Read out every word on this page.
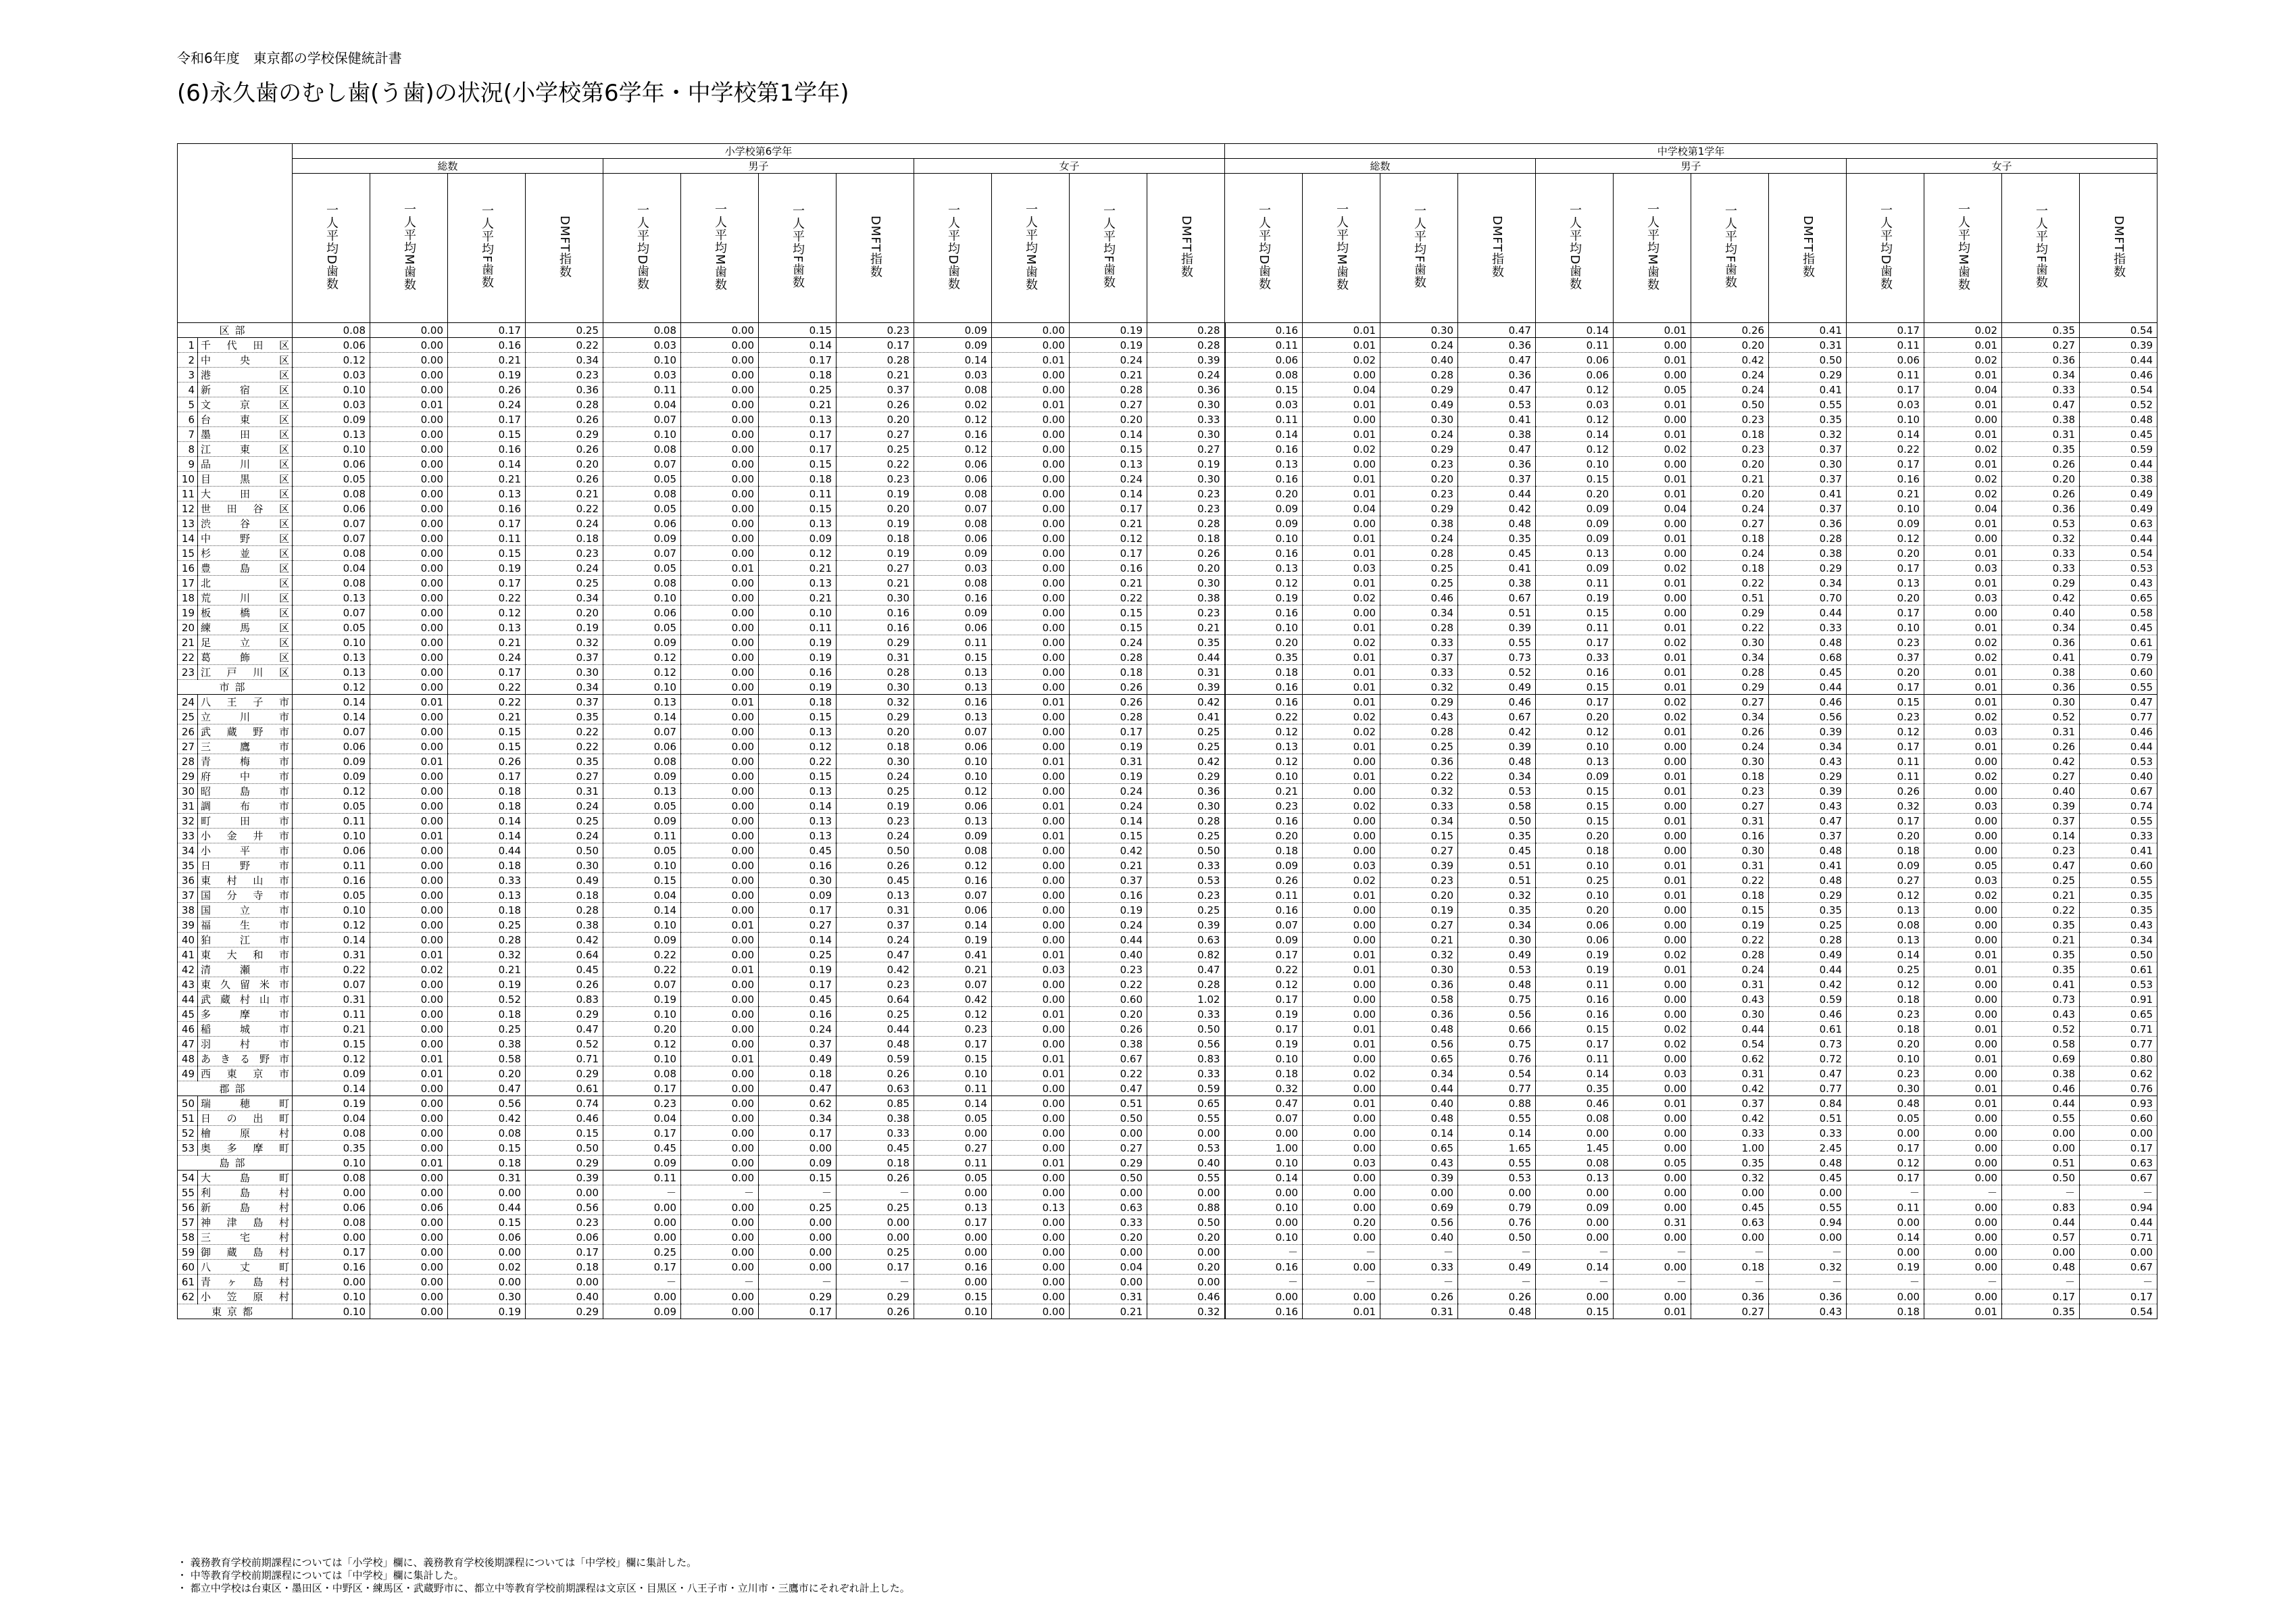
令和6年度　東京都の学校保健統計書
(6)永久歯のむし歯(う歯)の状況(小学校第6学年・中学校第1学年)
		小学校第6学年												中学校第1学年											
		総数				男子				女子				総数				男子				女子			
		一人平均D歯数	一人平均M歯数	一人平均F歯数	DMFT指数	一人平均D歯数	一人平均M歯数	一人平均F歯数	DMFT指数	一人平均D歯数	一人平均M歯数	一人平均F歯数	DMFT指数	一人平均D歯数	一人平均M歯数	一人平均F歯数	DMFT指数	一人平均D歯数	一人平均M歯数	一人平均F歯数	DMFT指数	一人平均D歯数	一人平均M歯数	一人平均F歯数	DMFT指数
区部		0.08	0.00	0.17	0.25	0.08	0.00	0.15	0.23	0.09	0.00	0.19	0.28	0.16	0.01	0.30	0.47	0.14	0.01	0.26	0.41	0.17	0.02	0.35	0.54
1	千代田区	0.06	0.00	0.16	0.22	0.03	0.00	0.14	0.17	0.09	0.00	0.19	0.28	0.11	0.01	0.24	0.36	0.11	0.00	0.20	0.31	0.11	0.01	0.27	0.39
2	中央区	0.12	0.00	0.21	0.34	0.10	0.00	0.17	0.28	0.14	0.01	0.24	0.39	0.06	0.02	0.40	0.47	0.06	0.01	0.42	0.50	0.06	0.02	0.36	0.44
3	港区	0.03	0.00	0.19	0.23	0.03	0.00	0.18	0.21	0.03	0.00	0.21	0.24	0.08	0.00	0.28	0.36	0.06	0.00	0.24	0.29	0.11	0.01	0.34	0.46
4	新宿区	0.10	0.00	0.26	0.36	0.11	0.00	0.25	0.37	0.08	0.00	0.28	0.36	0.15	0.04	0.29	0.47	0.12	0.05	0.24	0.41	0.17	0.04	0.33	0.54
5	文京区	0.03	0.01	0.24	0.28	0.04	0.00	0.21	0.26	0.02	0.01	0.27	0.30	0.03	0.01	0.49	0.53	0.03	0.01	0.50	0.55	0.03	0.01	0.47	0.52
6	台東区	0.09	0.00	0.17	0.26	0.07	0.00	0.13	0.20	0.12	0.00	0.20	0.33	0.11	0.00	0.30	0.41	0.12	0.00	0.23	0.35	0.10	0.00	0.38	0.48
7	墨田区	0.13	0.00	0.15	0.29	0.10	0.00	0.17	0.27	0.16	0.00	0.14	0.30	0.14	0.01	0.24	0.38	0.14	0.01	0.18	0.32	0.14	0.01	0.31	0.45
8	江東区	0.10	0.00	0.16	0.26	0.08	0.00	0.17	0.25	0.12	0.00	0.15	0.27	0.16	0.02	0.29	0.47	0.12	0.02	0.23	0.37	0.22	0.02	0.35	0.59
9	品川区	0.06	0.00	0.14	0.20	0.07	0.00	0.15	0.22	0.06	0.00	0.13	0.19	0.13	0.00	0.23	0.36	0.10	0.00	0.20	0.30	0.17	0.01	0.26	0.44
10	目黒区	0.05	0.00	0.21	0.26	0.05	0.00	0.18	0.23	0.06	0.00	0.24	0.30	0.16	0.01	0.20	0.37	0.15	0.01	0.21	0.37	0.16	0.02	0.20	0.38
11	大田区	0.08	0.00	0.13	0.21	0.08	0.00	0.11	0.19	0.08	0.00	0.14	0.23	0.20	0.01	0.23	0.44	0.20	0.01	0.20	0.41	0.21	0.02	0.26	0.49
12	世田谷区	0.06	0.00	0.16	0.22	0.05	0.00	0.15	0.20	0.07	0.00	0.17	0.23	0.09	0.04	0.29	0.42	0.09	0.04	0.24	0.37	0.10	0.04	0.36	0.49
13	渋谷区	0.07	0.00	0.17	0.24	0.06	0.00	0.13	0.19	0.08	0.00	0.21	0.28	0.09	0.00	0.38	0.48	0.09	0.00	0.27	0.36	0.09	0.01	0.53	0.63
14	中野区	0.07	0.00	0.11	0.18	0.09	0.00	0.09	0.18	0.06	0.00	0.12	0.18	0.10	0.01	0.24	0.35	0.09	0.01	0.18	0.28	0.12	0.00	0.32	0.44
15	杉並区	0.08	0.00	0.15	0.23	0.07	0.00	0.12	0.19	0.09	0.00	0.17	0.26	0.16	0.01	0.28	0.45	0.13	0.00	0.24	0.38	0.20	0.01	0.33	0.54
16	豊島区	0.04	0.00	0.19	0.24	0.05	0.01	0.21	0.27	0.03	0.00	0.16	0.20	0.13	0.03	0.25	0.41	0.09	0.02	0.18	0.29	0.17	0.03	0.33	0.53
17	北区	0.08	0.00	0.17	0.25	0.08	0.00	0.13	0.21	0.08	0.00	0.21	0.30	0.12	0.01	0.25	0.38	0.11	0.01	0.22	0.34	0.13	0.01	0.29	0.43
18	荒川区	0.13	0.00	0.22	0.34	0.10	0.00	0.21	0.30	0.16	0.00	0.22	0.38	0.19	0.02	0.46	0.67	0.19	0.00	0.51	0.70	0.20	0.03	0.42	0.65
19	板橋区	0.07	0.00	0.12	0.20	0.06	0.00	0.10	0.16	0.09	0.00	0.15	0.23	0.16	0.00	0.34	0.51	0.15	0.00	0.29	0.44	0.17	0.00	0.40	0.58
20	練馬区	0.05	0.00	0.13	0.19	0.05	0.00	0.11	0.16	0.06	0.00	0.15	0.21	0.10	0.01	0.28	0.39	0.11	0.01	0.22	0.33	0.10	0.01	0.34	0.45
21	足立区	0.10	0.00	0.21	0.32	0.09	0.00	0.19	0.29	0.11	0.00	0.24	0.35	0.20	0.02	0.33	0.55	0.17	0.02	0.30	0.48	0.23	0.02	0.36	0.61
22	葛飾区	0.13	0.00	0.24	0.37	0.12	0.00	0.19	0.31	0.15	0.00	0.28	0.44	0.35	0.01	0.37	0.73	0.33	0.01	0.34	0.68	0.37	0.02	0.41	0.79
23	江戸川区	0.13	0.00	0.17	0.30	0.12	0.00	0.16	0.28	0.13	0.00	0.18	0.31	0.18	0.01	0.33	0.52	0.16	0.01	0.28	0.45	0.20	0.01	0.38	0.60
市部		0.12	0.00	0.22	0.34	0.10	0.00	0.19	0.30	0.13	0.00	0.26	0.39	0.16	0.01	0.32	0.49	0.15	0.01	0.29	0.44	0.17	0.01	0.36	0.55
24	八王子市	0.14	0.01	0.22	0.37	0.13	0.01	0.18	0.32	0.16	0.01	0.26	0.42	0.16	0.01	0.29	0.46	0.17	0.02	0.27	0.46	0.15	0.01	0.30	0.47
25	立川市	0.14	0.00	0.21	0.35	0.14	0.00	0.15	0.29	0.13	0.00	0.28	0.41	0.22	0.02	0.43	0.67	0.20	0.02	0.34	0.56	0.23	0.02	0.52	0.77
26	武蔵野市	0.07	0.00	0.15	0.22	0.07	0.00	0.13	0.20	0.07	0.00	0.17	0.25	0.12	0.02	0.28	0.42	0.12	0.01	0.26	0.39	0.12	0.03	0.31	0.46
27	三鷹市	0.06	0.00	0.15	0.22	0.06	0.00	0.12	0.18	0.06	0.00	0.19	0.25	0.13	0.01	0.25	0.39	0.10	0.00	0.24	0.34	0.17	0.01	0.26	0.44
28	青梅市	0.09	0.01	0.26	0.35	0.08	0.00	0.22	0.30	0.10	0.01	0.31	0.42	0.12	0.00	0.36	0.48	0.13	0.00	0.30	0.43	0.11	0.00	0.42	0.53
29	府中市	0.09	0.00	0.17	0.27	0.09	0.00	0.15	0.24	0.10	0.00	0.19	0.29	0.10	0.01	0.22	0.34	0.09	0.01	0.18	0.29	0.11	0.02	0.27	0.40
30	昭島市	0.12	0.00	0.18	0.31	0.13	0.00	0.13	0.25	0.12	0.00	0.24	0.36	0.21	0.00	0.32	0.53	0.15	0.01	0.23	0.39	0.26	0.00	0.40	0.67
31	調布市	0.05	0.00	0.18	0.24	0.05	0.00	0.14	0.19	0.06	0.01	0.24	0.30	0.23	0.02	0.33	0.58	0.15	0.00	0.27	0.43	0.32	0.03	0.39	0.74
32	町田市	0.11	0.00	0.14	0.25	0.09	0.00	0.13	0.23	0.13	0.00	0.14	0.28	0.16	0.00	0.34	0.50	0.15	0.01	0.31	0.47	0.17	0.00	0.37	0.55
33	小金井市	0.10	0.01	0.14	0.24	0.11	0.00	0.13	0.24	0.09	0.01	0.15	0.25	0.20	0.00	0.15	0.35	0.20	0.00	0.16	0.37	0.20	0.00	0.14	0.33
34	小平市	0.06	0.00	0.44	0.50	0.05	0.00	0.45	0.50	0.08	0.00	0.42	0.50	0.18	0.00	0.27	0.45	0.18	0.00	0.30	0.48	0.18	0.00	0.23	0.41
35	日野市	0.11	0.00	0.18	0.30	0.10	0.00	0.16	0.26	0.12	0.00	0.21	0.33	0.09	0.03	0.39	0.51	0.10	0.01	0.31	0.41	0.09	0.05	0.47	0.60
36	東村山市	0.16	0.00	0.33	0.49	0.15	0.00	0.30	0.45	0.16	0.00	0.37	0.53	0.26	0.02	0.23	0.51	0.25	0.01	0.22	0.48	0.27	0.03	0.25	0.55
37	国分寺市	0.05	0.00	0.13	0.18	0.04	0.00	0.09	0.13	0.07	0.00	0.16	0.23	0.11	0.01	0.20	0.32	0.10	0.01	0.18	0.29	0.12	0.02	0.21	0.35
38	国立市	0.10	0.00	0.18	0.28	0.14	0.00	0.17	0.31	0.06	0.00	0.19	0.25	0.16	0.00	0.19	0.35	0.20	0.00	0.15	0.35	0.13	0.00	0.22	0.35
39	福生市	0.12	0.00	0.25	0.38	0.10	0.01	0.27	0.37	0.14	0.00	0.24	0.39	0.07	0.00	0.27	0.34	0.06	0.00	0.19	0.25	0.08	0.00	0.35	0.43
40	狛江市	0.14	0.00	0.28	0.42	0.09	0.00	0.14	0.24	0.19	0.00	0.44	0.63	0.09	0.00	0.21	0.30	0.06	0.00	0.22	0.28	0.13	0.00	0.21	0.34
41	東大和市	0.31	0.01	0.32	0.64	0.22	0.00	0.25	0.47	0.41	0.01	0.40	0.82	0.17	0.01	0.32	0.49	0.19	0.02	0.28	0.49	0.14	0.01	0.35	0.50
42	清瀬市	0.22	0.02	0.21	0.45	0.22	0.01	0.19	0.42	0.21	0.03	0.23	0.47	0.22	0.01	0.30	0.53	0.19	0.01	0.24	0.44	0.25	0.01	0.35	0.61
43	東久留米市	0.07	0.00	0.19	0.26	0.07	0.00	0.17	0.23	0.07	0.00	0.22	0.28	0.12	0.00	0.36	0.48	0.11	0.00	0.31	0.42	0.12	0.00	0.41	0.53
44	武蔵村山市	0.31	0.00	0.52	0.83	0.19	0.00	0.45	0.64	0.42	0.00	0.60	1.02	0.17	0.00	0.58	0.75	0.16	0.00	0.43	0.59	0.18	0.00	0.73	0.91
45	多摩市	0.11	0.00	0.18	0.29	0.10	0.00	0.16	0.25	0.12	0.01	0.20	0.33	0.19	0.00	0.36	0.56	0.16	0.00	0.30	0.46	0.23	0.00	0.43	0.65
46	稲城市	0.21	0.00	0.25	0.47	0.20	0.00	0.24	0.44	0.23	0.00	0.26	0.50	0.17	0.01	0.48	0.66	0.15	0.02	0.44	0.61	0.18	0.01	0.52	0.71
47	羽村市	0.15	0.00	0.38	0.52	0.12	0.00	0.37	0.48	0.17	0.00	0.38	0.56	0.19	0.01	0.56	0.75	0.17	0.02	0.54	0.73	0.20	0.00	0.58	0.77
48	あきる野市	0.12	0.01	0.58	0.71	0.10	0.01	0.49	0.59	0.15	0.01	0.67	0.83	0.10	0.00	0.65	0.76	0.11	0.00	0.62	0.72	0.10	0.01	0.69	0.80
49	西東京市	0.09	0.01	0.20	0.29	0.08	0.00	0.18	0.26	0.10	0.01	0.22	0.33	0.18	0.02	0.34	0.54	0.14	0.03	0.31	0.47	0.23	0.00	0.38	0.62
郡部		0.14	0.00	0.47	0.61	0.17	0.00	0.47	0.63	0.11	0.00	0.47	0.59	0.32	0.00	0.44	0.77	0.35	0.00	0.42	0.77	0.30	0.01	0.46	0.76
50	瑞穂町	0.19	0.00	0.56	0.74	0.23	0.00	0.62	0.85	0.14	0.00	0.51	0.65	0.47	0.01	0.40	0.88	0.46	0.01	0.37	0.84	0.48	0.01	0.44	0.93
51	日の出町	0.04	0.00	0.42	0.46	0.04	0.00	0.34	0.38	0.05	0.00	0.50	0.55	0.07	0.00	0.48	0.55	0.08	0.00	0.42	0.51	0.05	0.00	0.55	0.60
52	檜原村	0.08	0.00	0.08	0.15	0.17	0.00	0.17	0.33	0.00	0.00	0.00	0.00	0.00	0.00	0.14	0.14	0.00	0.00	0.33	0.33	0.00	0.00	0.00	0.00
53	奥多摩町	0.35	0.00	0.15	0.50	0.45	0.00	0.00	0.45	0.27	0.00	0.27	0.53	1.00	0.00	0.65	1.65	1.45	0.00	1.00	2.45	0.17	0.00	0.00	0.17
島部		0.10	0.01	0.18	0.29	0.09	0.00	0.09	0.18	0.11	0.01	0.29	0.40	0.10	0.03	0.43	0.55	0.08	0.05	0.35	0.48	0.12	0.00	0.51	0.63
54	大島町	0.08	0.00	0.31	0.39	0.11	0.00	0.15	0.26	0.05	0.00	0.50	0.55	0.14	0.00	0.39	0.53	0.13	0.00	0.32	0.45	0.17	0.00	0.50	0.67
55	利島村	0.00	0.00	0.00	0.00	－	－	－	－	0.00	0.00	0.00	0.00	0.00	0.00	0.00	0.00	0.00	0.00	0.00	0.00	－	－	－	－
56	新島村	0.06	0.06	0.44	0.56	0.00	0.00	0.25	0.25	0.13	0.13	0.63	0.88	0.10	0.00	0.69	0.79	0.09	0.00	0.45	0.55	0.11	0.00	0.83	0.94
57	神津島村	0.08	0.00	0.15	0.23	0.00	0.00	0.00	0.00	0.17	0.00	0.33	0.50	0.00	0.20	0.56	0.76	0.00	0.31	0.63	0.94	0.00	0.00	0.44	0.44
58	三宅村	0.00	0.00	0.06	0.06	0.00	0.00	0.00	0.00	0.00	0.00	0.20	0.20	0.10	0.00	0.40	0.50	0.00	0.00	0.00	0.00	0.14	0.00	0.57	0.71
59	御蔵島村	0.17	0.00	0.00	0.17	0.25	0.00	0.00	0.25	0.00	0.00	0.00	0.00	－	－	－	－	－	－	－	－	0.00	0.00	0.00	0.00
60	八丈町	0.16	0.00	0.02	0.18	0.17	0.00	0.00	0.17	0.16	0.00	0.04	0.20	0.16	0.00	0.33	0.49	0.14	0.00	0.18	0.32	0.19	0.00	0.48	0.67
61	青ヶ島村	0.00	0.00	0.00	0.00	－	－	－	－	0.00	0.00	0.00	0.00	－	－	－	－	－	－	－	－	－	－	－	－
62	小笠原村	0.10	0.00	0.30	0.40	0.00	0.00	0.29	0.29	0.15	0.00	0.31	0.46	0.00	0.00	0.26	0.26	0.00	0.00	0.36	0.36	0.00	0.00	0.17	0.17
東京都		0.10	0.00	0.19	0.29	0.09	0.00	0.17	0.26	0.10	0.00	0.21	0.32	0.16	0.01	0.31	0.48	0.15	0.01	0.27	0.43	0.18	0.01	0.35	0.54
・ 義務教育学校前期課程については「小学校」欄に、義務教育学校後期課程については「中学校」欄に集計した。
・ 中等教育学校前期課程については「中学校」欄に集計した。
・ 都立中学校は台東区・墨田区・中野区・練馬区・武蔵野市に、都立中等教育学校前期課程は文京区・目黒区・八王子市・立川市・三鷹市にそれぞれ計上した。
